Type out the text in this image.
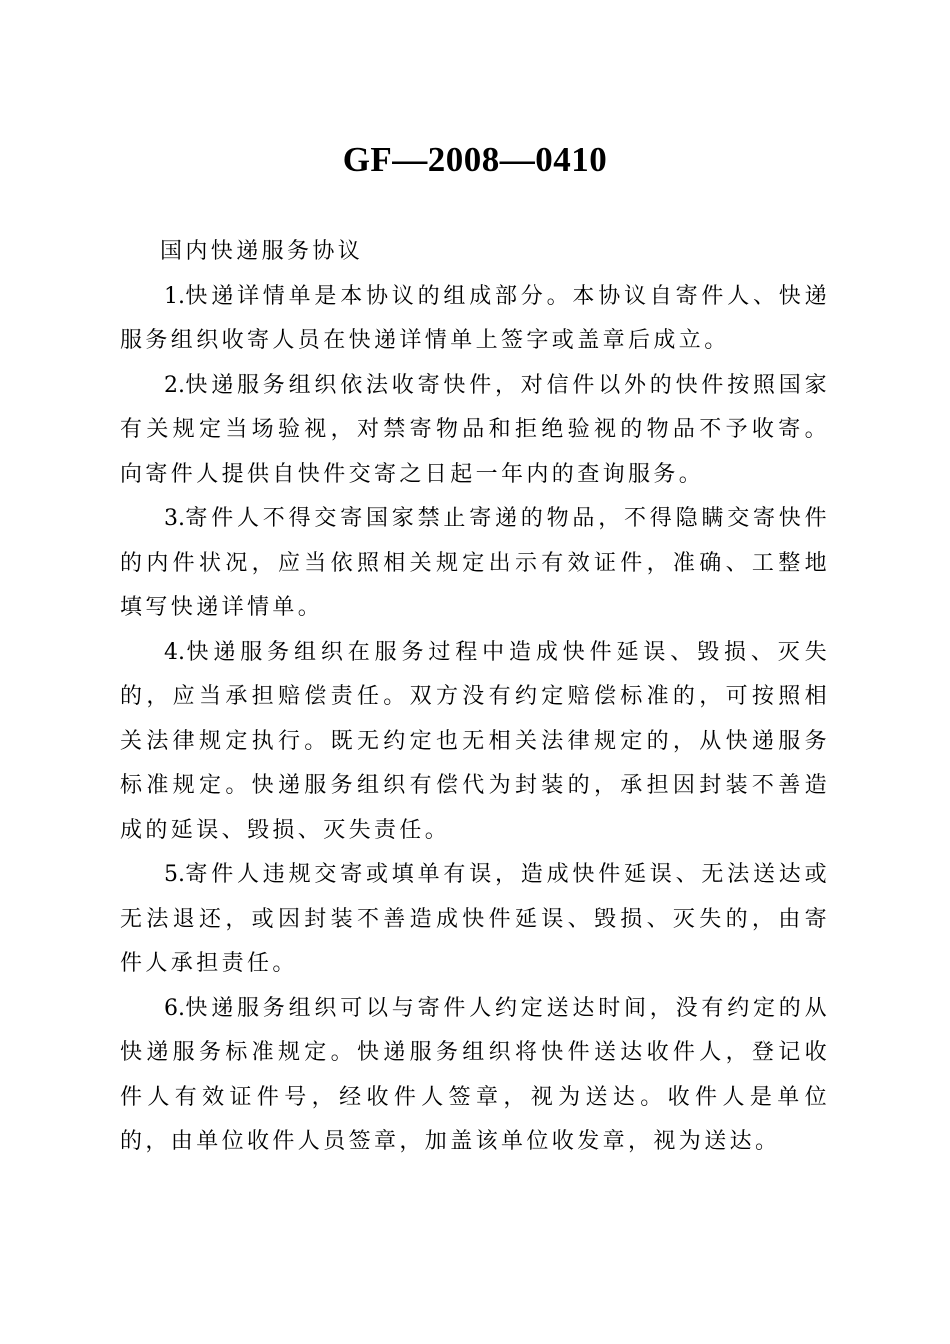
GF—2008—0410
国内快递服务协议

1.快递详情单是本协议的组成部分。本协议自寄件人、快递服务组织收寄人员在快递详情单上签字或盖章后成立。

2.快递服务组织依法收寄快件，对信件以外的快件按照国家有关规定当场验视，对禁寄物品和拒绝验视的物品不予收寄。向寄件人提供自快件交寄之日起一年内的查询服务。

3.寄件人不得交寄国家禁止寄递的物品，不得隐瞒交寄快件的内件状况，应当依照相关规定出示有效证件，准确、工整地填写快递详情单。

4.快递服务组织在服务过程中造成快件延误、毁损、灭失的，应当承担赔偿责任。双方没有约定赔偿标准的，可按照相关法律规定执行。既无约定也无相关法律规定的，从快递服务标准规定。快递服务组织有偿代为封装的，承担因封装不善造成的延误、毁损、灭失责任。

5.寄件人违规交寄或填单有误，造成快件延误、无法送达或无法退还，或因封装不善造成快件延误、毁损、灭失的，由寄件人承担责任。

6.快递服务组织可以与寄件人约定送达时间，没有约定的从快递服务标准规定。快递服务组织将快件送达收件人，登记收件人有效证件号，经收件人签章，视为送达。收件人是单位的，由单位收件人员签章，加盖该单位收发章，视为送达。
